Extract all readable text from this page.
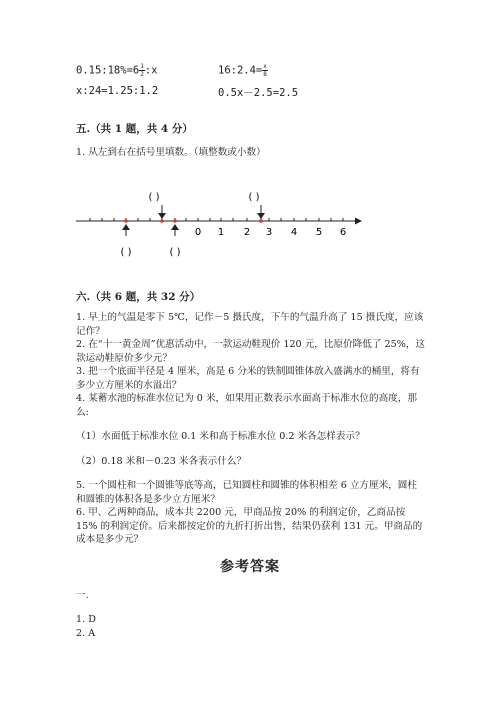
0.15:18%=6 $\frac{1}{2}$ :x	16:2.4= $\frac{x}{8}$
x:24=1.25:1.2	0.5x－2.5=2.5
五.（共 1 题，共 4 分）
1. 从左到右在括号里填数。（填整数或小数）
( )	( )
0 1 2 3 4 5 6
( )	( )
六.（共 6 题，共 32 分）
1. 早上的气温是零下 5℃，记作－5 摄氏度，下午的气温升高了 15 摄氏度，应该记作？
2. 在“十一黄金周”优惠活动中，一款运动鞋现价 120 元，比原价降低了 25%，这款运动鞋原价多少元？
3. 把一个底面半径是 4 厘米，高是 6 分米的铁制圆锥体放入盛满水的桶里，将有多少立方厘米的水溢出？
4. 某蓄水池的标准水位记为 0 米，如果用正数表示水面高于标准水位的高度，那么:
（1）水面低于标准水位 0.1 米和高于标准水位 0.2 米各怎样表示？
（2）0.18 米和－0.23 米各表示什么？
5. 一个圆柱和一个圆锥等底等高，已知圆柱和圆锥的体积相差 6 立方厘米，圆柱和圆锥的体积各是多少立方厘米？
6. 甲、乙两种商品，成本共 2200 元，甲商品按 20% 的利润定价，乙商品按 15% 的利润定价。后来都按定价的九折打折出售，结果仍获利 131 元。甲商品的成本是多少元？
参考答案
一.
1. D
2. A
